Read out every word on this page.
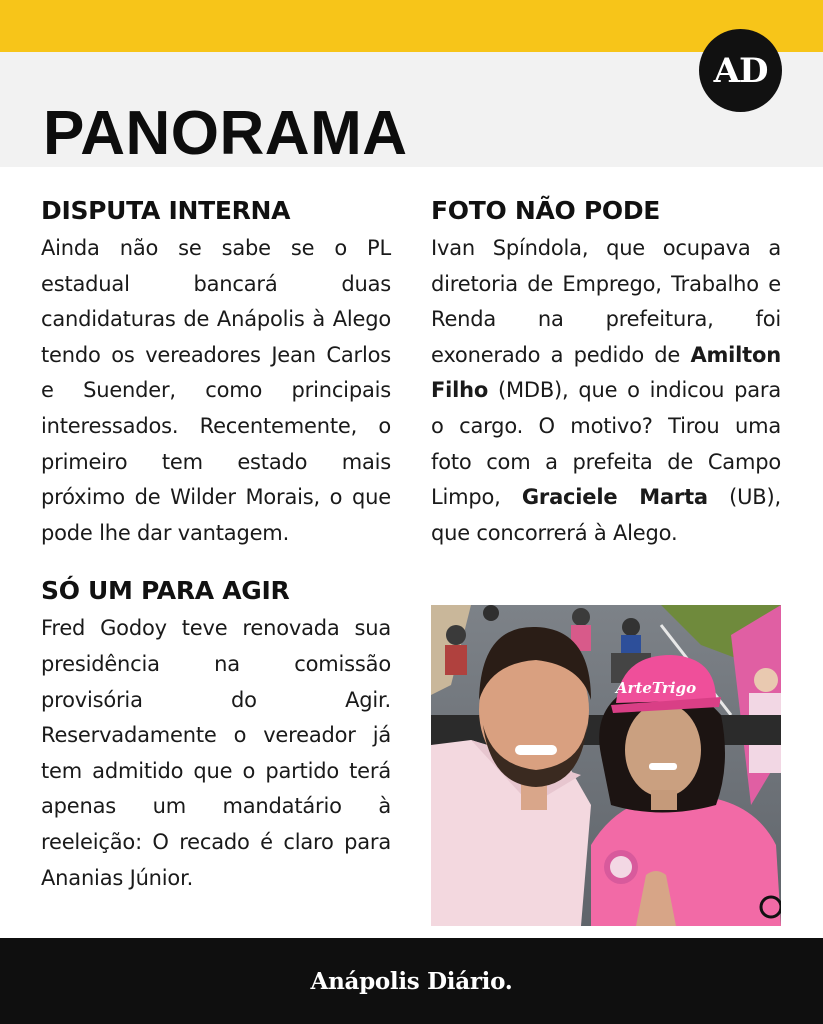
PANORAMA
AD
DISPUTA INTERNA

Ainda não se sabe se o PL estadual bancará duas candidaturas de Anápolis à Alego tendo os vereadores Jean Carlos e Suender, como principais interessados. Recentemente, o primeiro tem estado mais próximo de Wilder Morais, o que pode lhe dar vantagem.

SÓ UM PARA AGIR

Fred Godoy teve renovada sua presidência na comissão provisória do Agir. Reservadamente o vereador já tem admitido que o partido terá apenas um mandatário à reeleição: O recado é claro para Ananias Júnior.

FOTO NÃO PODE

Ivan Spíndola, que ocupava a diretoria de Emprego, Trabalho e Renda na prefeitura, foi exonerado a pedido de Amilton Filho (MDB), que o indicou para o cargo. O motivo? Tirou uma foto com a prefeita de Campo Limpo, Graciele Marta (UB), que concorrerá à Alego.

ArteTrigo
Anápolis Diário.
